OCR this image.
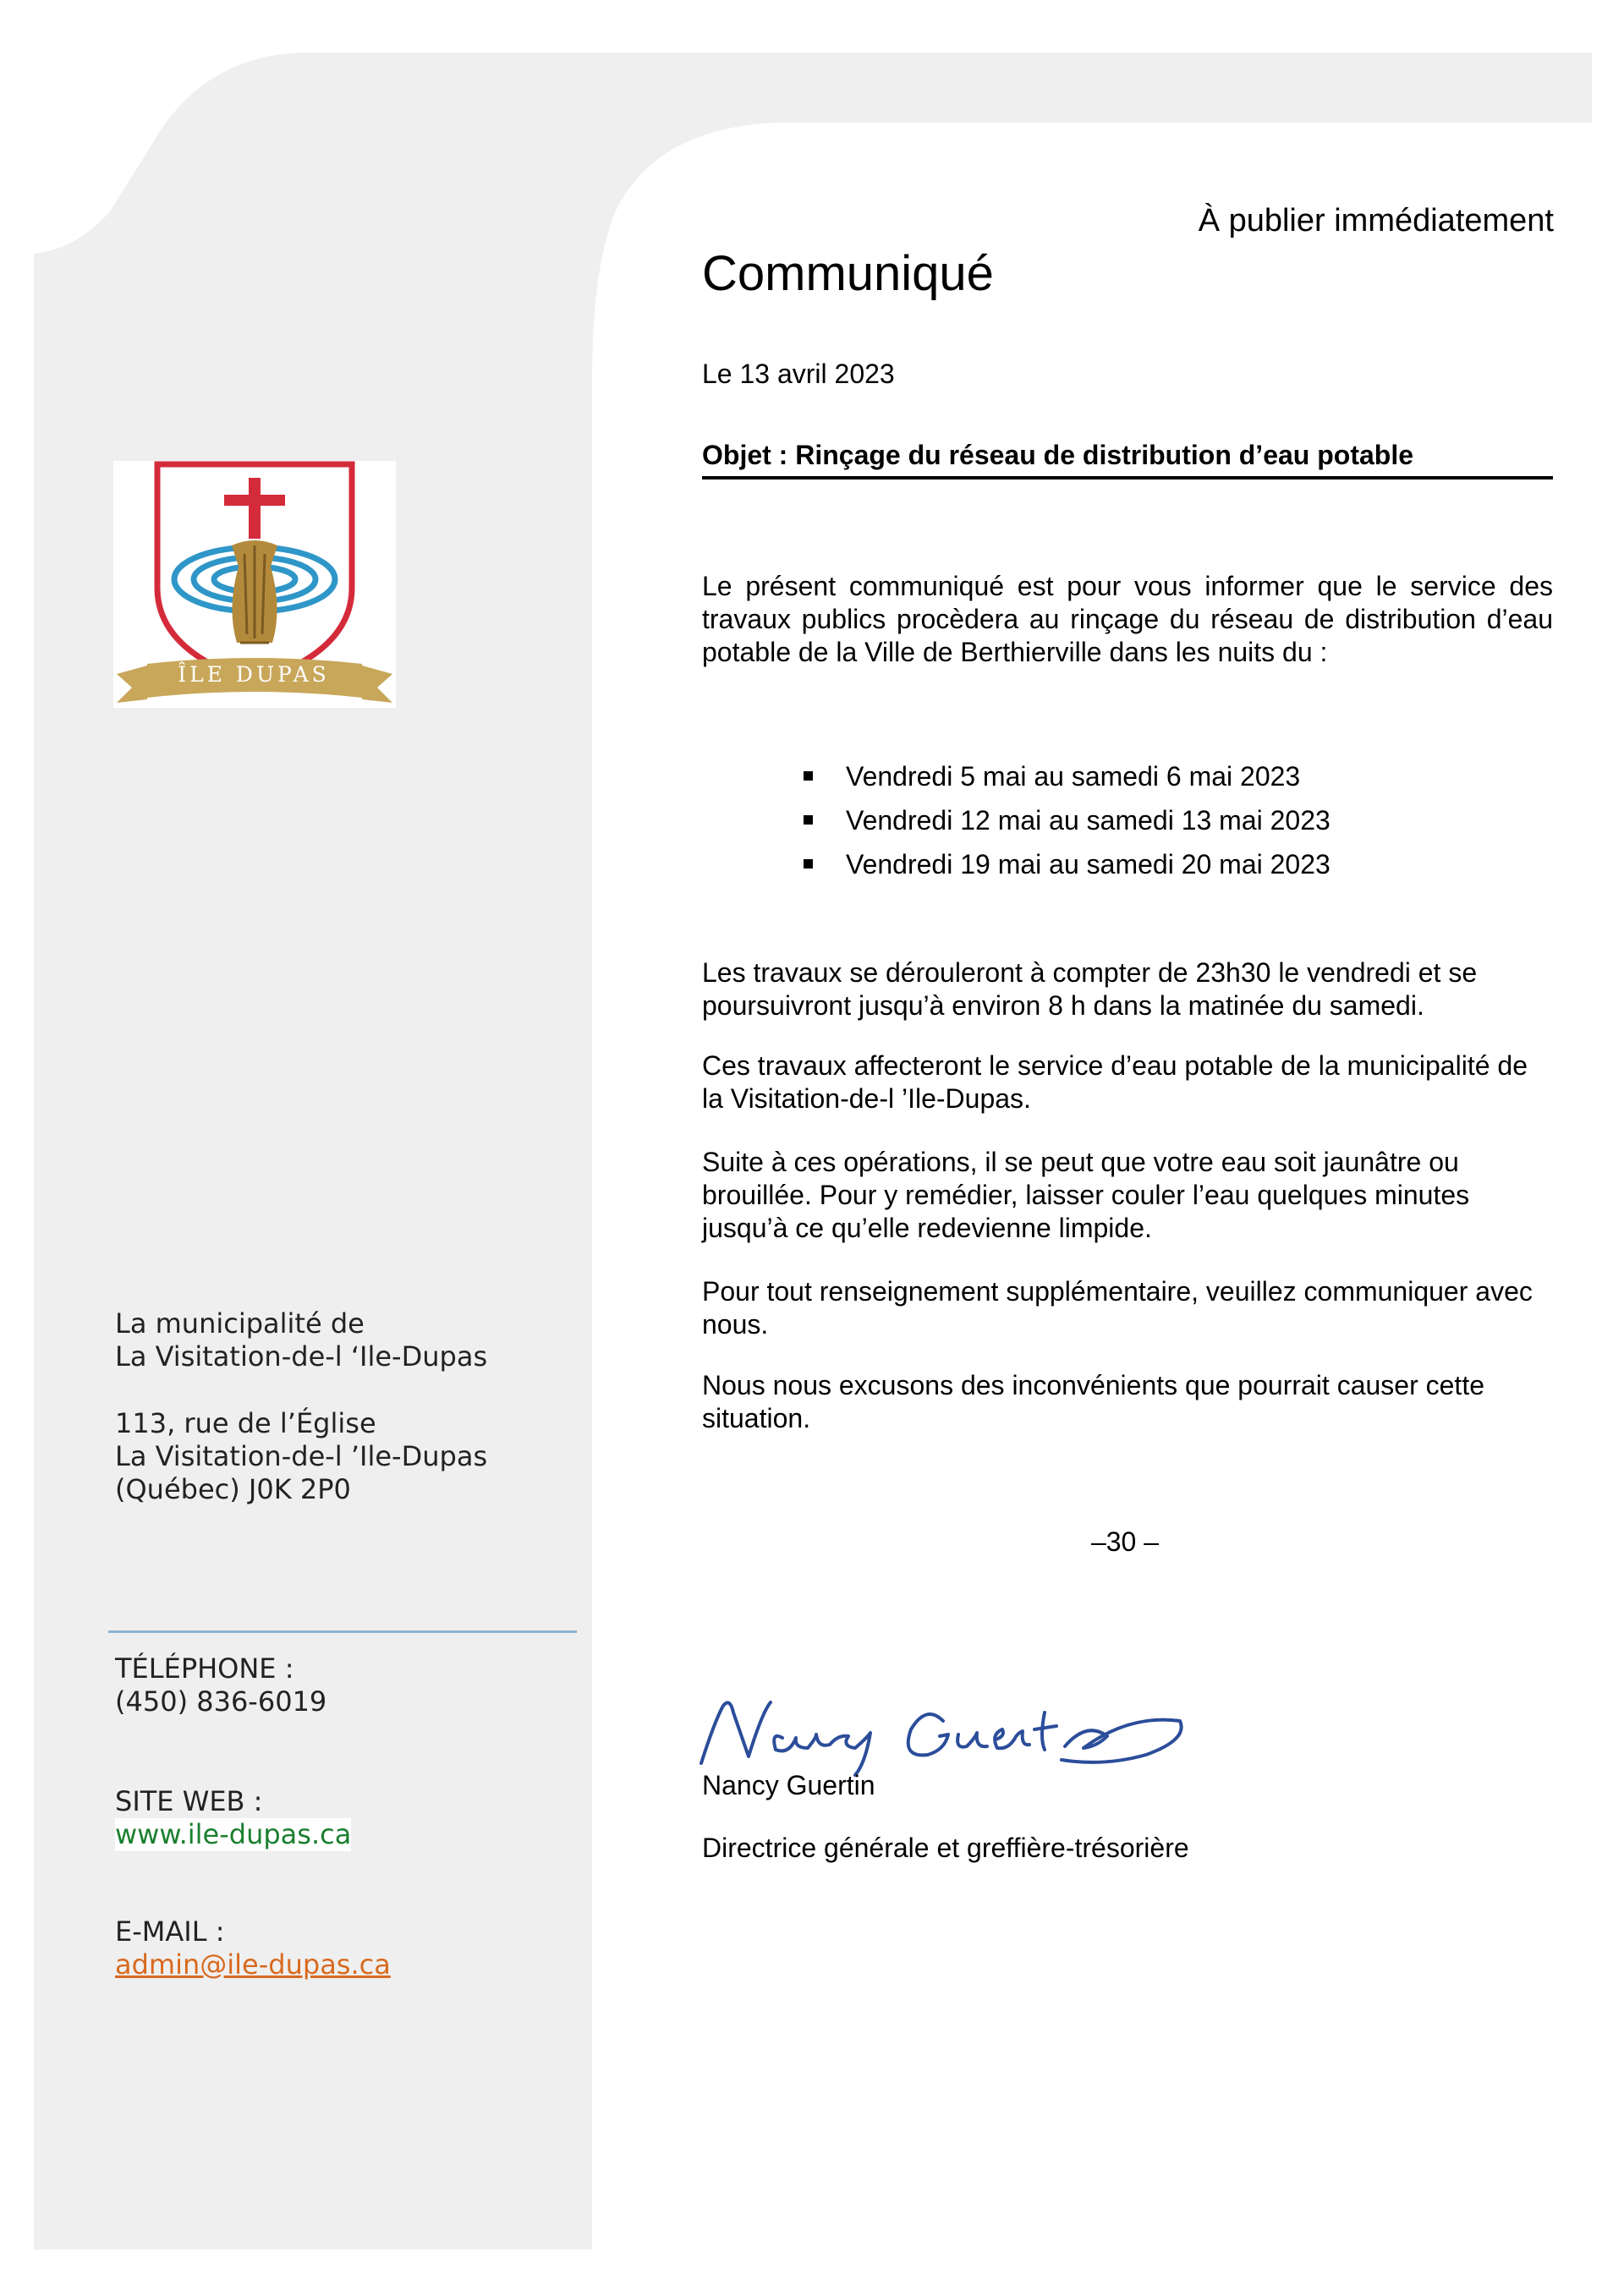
ÎLE DUPAS
La municipalité de
La Visitation-de-l ‘Ile-Dupas
113, rue de l’Église
La Visitation-de-l ’Ile-Dupas
(Québec) J0K 2P0
TÉLÉPHONE :
(450) 836-6019
SITE WEB :
www.ile-dupas.ca
E-MAIL :
admin@ile-dupas.ca
À publier immédiatement
Communiqué
Le 13 avril 2023
Objet : Rinçage du réseau de distribution d’eau potable
Le présent communiqué est pour vous informer que le service des travaux publics procèdera au rinçage du réseau de distribution d’eau potable de la Ville de Berthierville dans les nuits du :
Vendredi 5 mai au samedi 6 mai 2023
Vendredi 12 mai au samedi 13 mai 2023
Vendredi 19 mai au samedi 20 mai 2023
Les travaux se dérouleront à compter de 23h30 le vendredi et se poursuivront jusqu’à environ 8 h dans la matinée du samedi.
Ces travaux affecteront le service d’eau potable de la municipalité de la Visitation-de-l ’Ile-Dupas.
Suite à ces opérations, il se peut que votre eau soit jaunâtre ou brouillée. Pour y remédier, laisser couler l’eau quelques minutes jusqu’à ce qu’elle redevienne limpide.
Pour tout renseignement supplémentaire, veuillez communiquer avec nous.
Nous nous excusons des inconvénients que pourrait causer cette situation.
–30 –
Nancy Guertin
Directrice générale et greffière-trésorière
